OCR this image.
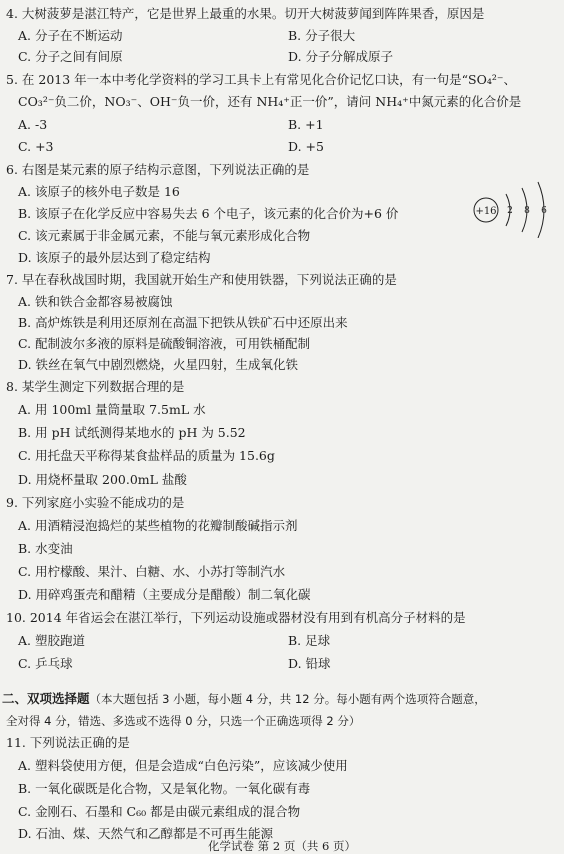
4. 大树菠萝是湛江特产，它是世界上最重的水果。切开大树菠萝闻到阵阵果香，原因是
A. 分子在不断运动	B. 分子很大
C. 分子之间有间原	D. 分子分解成原子
5. 在 2013 年一本中考化学资料的学习工具卡上有常见化合价记忆口诀，有一句是“SO₄²⁻、
CO₃²⁻负二价，NO₃⁻、OH⁻负一价，还有 NH₄⁺正一价”，请问 NH₄⁺中氮元素的化合价是
A. -3	B. +1
C. +3	D. +5
6. 右图是某元素的原子结构示意图，下列说法正确的是
A. 该原子的核外电子数是 16
B. 该原子在化学反应中容易失去 6 个电子，该元素的化合价为+6 价
C. 该元素属于非金属元素，不能与氧元素形成化合物
D. 该原子的最外层达到了稳定结构
+16 2 8 6
7. 早在春秋战国时期，我国就开始生产和使用铁器，下列说法正确的是
A. 铁和铁合金都容易被腐蚀
B. 高炉炼铁是利用还原剂在高温下把铁从铁矿石中还原出来
C. 配制波尔多液的原料是硫酸铜溶液，可用铁桶配制
D. 铁丝在氧气中剧烈燃烧，火星四射，生成氧化铁
8. 某学生测定下列数据合理的是
A. 用 100ml 量筒量取 7.5mL 水
B. 用 pH 试纸测得某地水的 pH 为 5.52
C. 用托盘天平称得某食盐样品的质量为 15.6g
D. 用烧杯量取 200.0mL 盐酸
9. 下列家庭小实验不能成功的是
A. 用酒精浸泡捣烂的某些植物的花瓣制酸碱指示剂
B. 水变油
C. 用柠檬酸、果汁、白糖、水、小苏打等制汽水
D. 用碎鸡蛋壳和醋精（主要成分是醋酸）制二氧化碳
10. 2014 年省运会在湛江举行，下列运动设施或器材没有用到有机高分子材料的是
A. 塑胶跑道	B. 足球
C. 乒乓球	D. 铅球
二、双项选择题（本大题包括 3 小题，每小题 4 分，共 12 分。每小题有两个选项符合题意，
全对得 4 分，错选、多选或不选得 0 分，只选一个正确选项得 2 分）
11. 下列说法正确的是
A. 塑料袋使用方便，但是会造成“白色污染”，应该减少使用
B. 一氧化碳既是化合物，又是氧化物。一氧化碳有毒
C. 金刚石、石墨和 C₆₀ 都是由碳元素组成的混合物
D. 石油、煤、天然气和乙醇都是不可再生能源
化学试卷 第 2 页（共 6 页）
